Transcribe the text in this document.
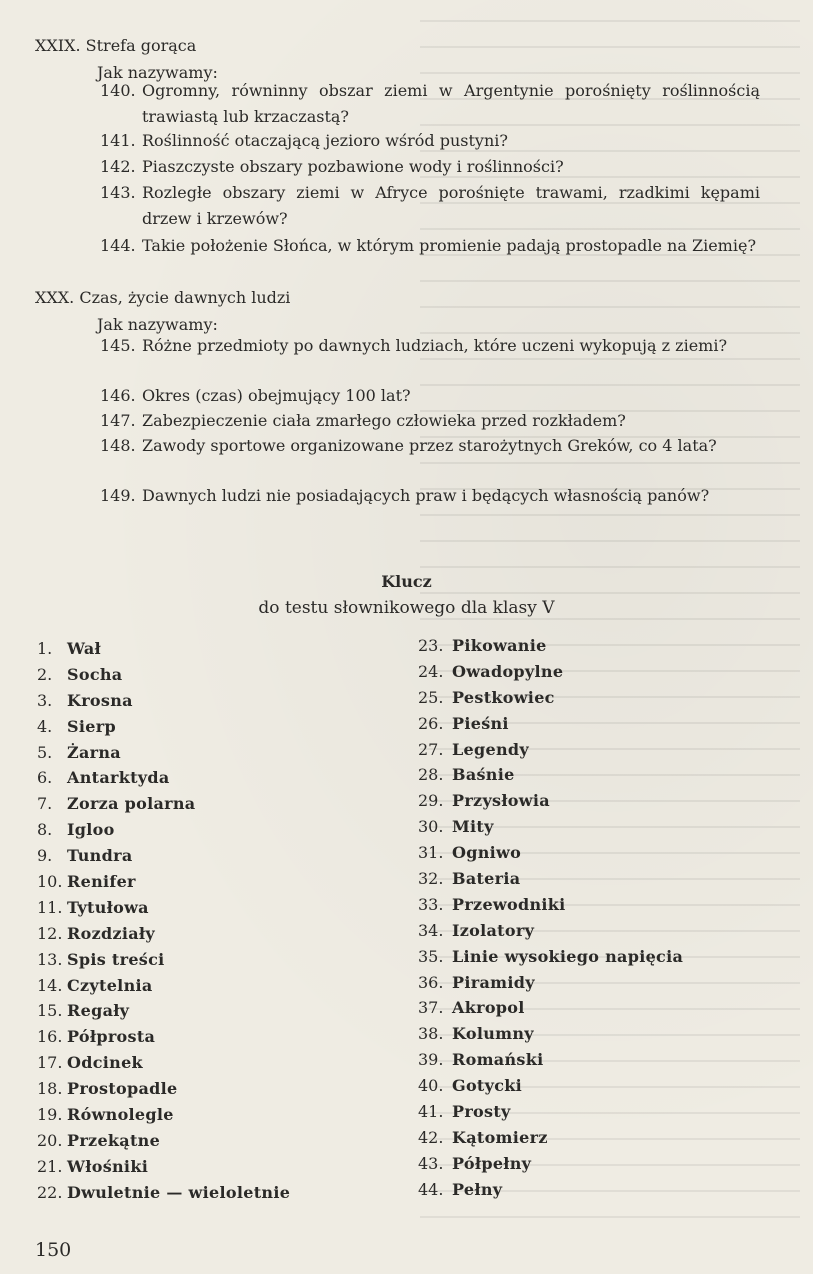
XXIX. Strefa gorąca
Jak nazywamy:
140. Ogromny, równinny obszar ziemi w Argentynie porośnięty roślinnością trawiastą lub krzaczastą?
141. Roślinność otaczającą jezioro wśród pustyni?
142. Piaszczyste obszary pozbawione wody i roślinności?
143. Rozległe obszary ziemi w Afryce porośnięte trawami, rzadkimi kępami drzew i krzewów?
144. Takie położenie Słońca, w którym promienie padają prostopadle na Ziemię?
XXX. Czas, życie dawnych ludzi
Jak nazywamy:
145. Różne przedmioty po dawnych ludziach, które uczeni wykopują z ziemi?
146. Okres (czas) obejmujący 100 lat?
147. Zabezpieczenie ciała zmarłego człowieka przed rozkładem?
148. Zawody sportowe organizowane przez starożytnych Greków, co 4 lata?
149. Dawnych ludzi nie posiadających praw i będących własnością panów?
Klucz
do testu słownikowego dla klasy V
1. Wał
2. Socha
3. Krosna
4. Sierp
5. Żarna
6. Antarktyda
7. Zorza polarna
8. Igloo
9. Tundra
10. Renifer
11. Tytułowa
12. Rozdziały
13. Spis treści
14. Czytelnia
15. Regały
16. Półprosta
17. Odcinek
18. Prostopadle
19. Równolegle
20. Przekątne
21. Włośniki
22. Dwuletnie — wieloletnie
23. Pikowanie
24. Owadopylne
25. Pestkowiec
26. Pieśni
27. Legendy
28. Baśnie
29. Przysłowia
30. Mity
31. Ogniwo
32. Bateria
33. Przewodniki
34. Izolatory
35. Linie wysokiego napięcia
36. Piramidy
37. Akropol
38. Kolumny
39. Romański
40. Gotycki
41. Prosty
42. Kątomierz
43. Półpełny
44. Pełny
150
